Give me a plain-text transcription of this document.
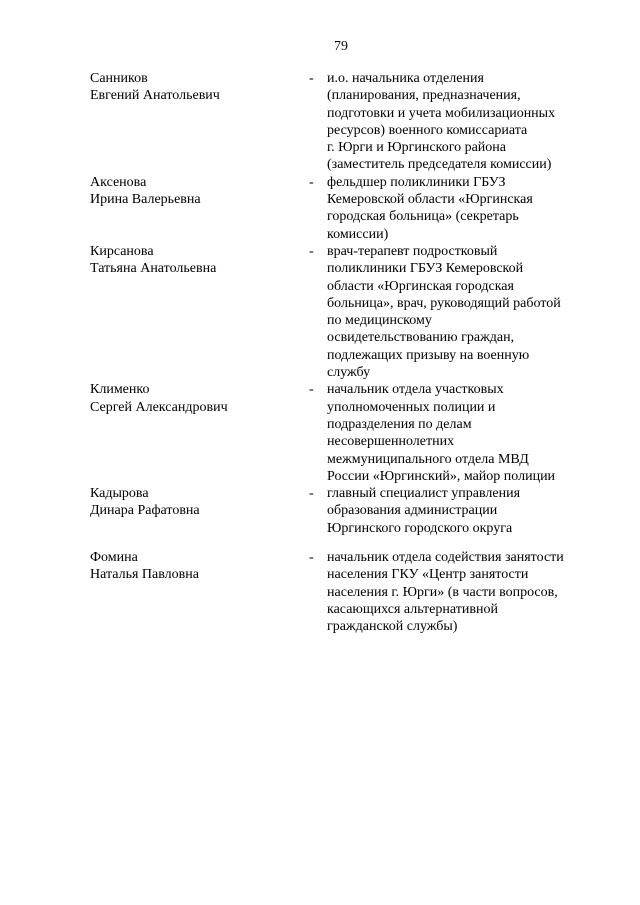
79
Санников
Евгений Анатольевич
- и.о. начальника отделения
(планирования, предназначения,
подготовки и учета мобилизационных
ресурсов) военного комиссариата
г. Юрги и Юргинского района
(заместитель председателя комиссии)
Аксенова
Ирина Валерьевна
- фельдшер поликлиники ГБУЗ
Кемеровской области «Юргинская
городская больница» (секретарь
комиссии)
Кирсанова
Татьяна Анатольевна
- врач-терапевт подростковый
поликлиники ГБУЗ Кемеровской
области «Юргинская городская
больница», врач, руководящий работой
по медицинскому
освидетельствованию граждан,
подлежащих призыву на военную
службу
Клименко
Сергей Александрович
- начальник отдела участковых
уполномоченных полиции и
подразделения по делам
несовершеннолетних
межмуниципального отдела МВД
России «Юргинский», майор полиции
Кадырова
Динара Рафатовна
- главный специалист управления
образования администрации
Юргинского городского округа
Фомина
Наталья Павловна
- начальник отдела содействия занятости
населения ГКУ «Центр занятости
населения г. Юрги» (в части вопросов,
касающихся альтернативной
гражданской службы)
